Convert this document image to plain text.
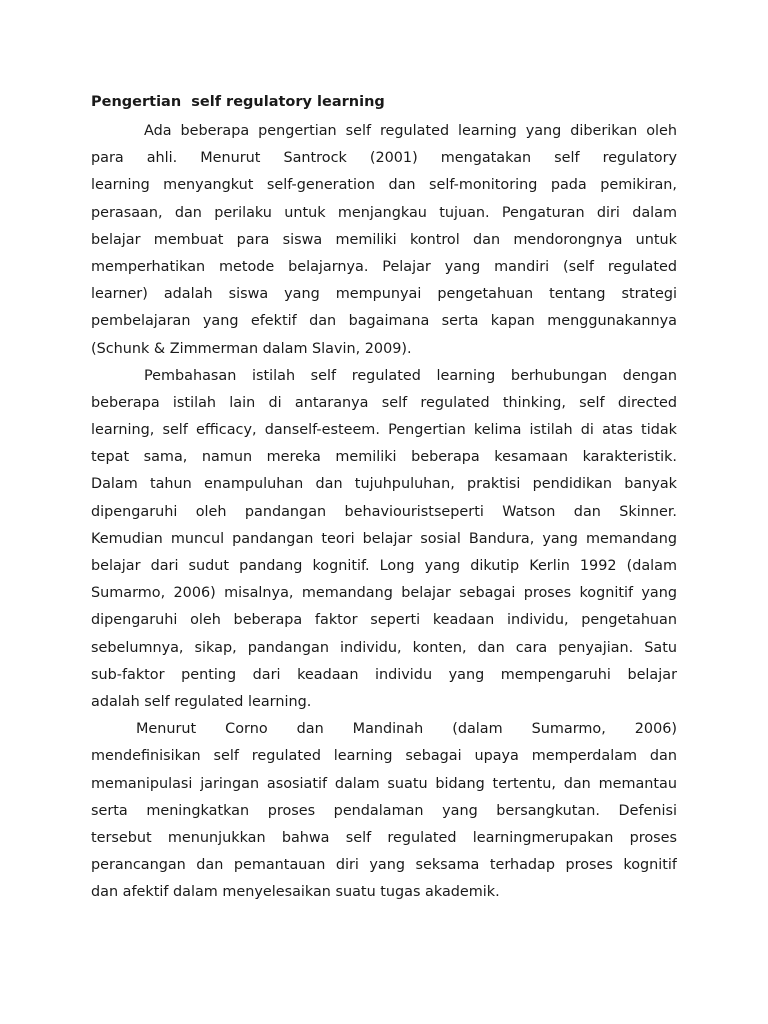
Pengertian  self regulatory learning
Ada beberapa pengertian self regulated learning yang diberikan oleh
para ahli. Menurut Santrock (2001) mengatakan self regulatory
learning menyangkut self-generation dan self-monitoring pada pemikiran,
perasaan, dan perilaku untuk menjangkau tujuan. Pengaturan diri dalam
belajar membuat para siswa memiliki kontrol dan mendorongnya untuk
memperhatikan metode belajarnya. Pelajar yang mandiri (self regulated
learner) adalah siswa yang mempunyai pengetahuan tentang strategi
pembelajaran yang efektif dan bagaimana serta kapan menggunakannya
(Schunk & Zimmerman dalam Slavin, 2009).
Pembahasan istilah self regulated learning berhubungan dengan
beberapa istilah lain di antaranya self regulated thinking, self directed
learning, self efficacy, danself-esteem. Pengertian kelima istilah di atas tidak
tepat sama, namun mereka memiliki beberapa kesamaan karakteristik.
Dalam tahun enampuluhan dan tujuhpuluhan, praktisi pendidikan banyak
dipengaruhi oleh pandangan behaviouristseperti Watson dan Skinner.
Kemudian muncul pandangan teori belajar sosial Bandura, yang memandang
belajar dari sudut pandang kognitif. Long yang dikutip Kerlin 1992 (dalam
Sumarmo, 2006) misalnya, memandang belajar sebagai proses kognitif yang
dipengaruhi oleh beberapa faktor seperti keadaan individu, pengetahuan
sebelumnya, sikap, pandangan individu, konten, dan cara penyajian. Satu
sub-faktor penting dari keadaan individu yang mempengaruhi belajar
adalah self regulated learning.
Menurut Corno dan Mandinah (dalam Sumarmo, 2006)
mendefinisikan self regulated learning sebagai upaya memperdalam dan
memanipulasi jaringan asosiatif dalam suatu bidang tertentu, dan memantau
serta meningkatkan proses pendalaman yang bersangkutan. Defenisi
tersebut menunjukkan bahwa self regulated learningmerupakan proses
perancangan dan pemantauan diri yang seksama terhadap proses kognitif
dan afektif dalam menyelesaikan suatu tugas akademik.
